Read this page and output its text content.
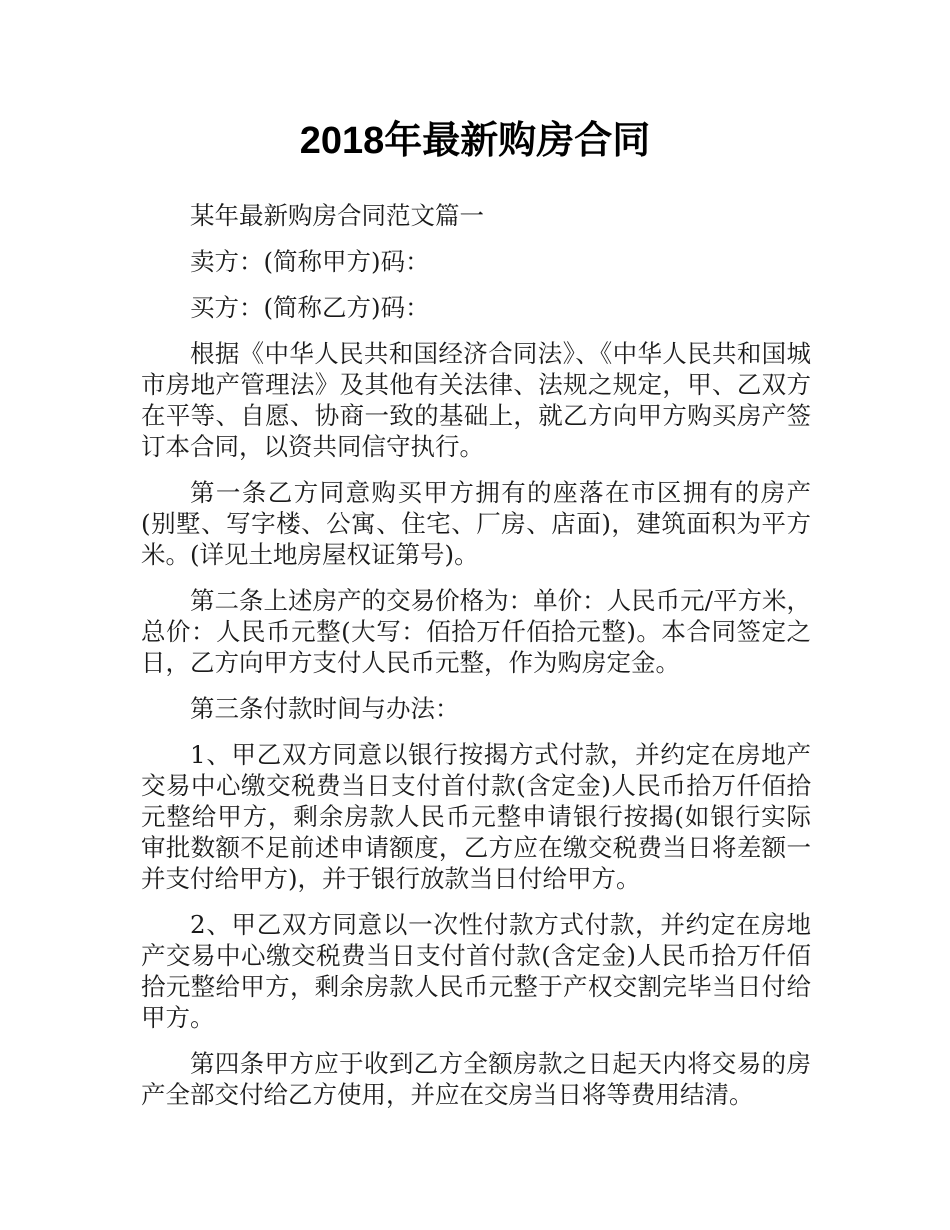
2018年最新购房合同

某年最新购房合同范文篇一

卖方：(简称甲方)码：

买方：(简称乙方)码：

根据《中华人民共和国经济合同法》、《中华人民共和国城市房地产管理法》及其他有关法律、法规之规定，甲、乙双方在平等、自愿、协商一致的基础上，就乙方向甲方购买房产签订本合同，以资共同信守执行。

第一条乙方同意购买甲方拥有的座落在市区拥有的房产(别墅、写字楼、公寓、住宅、厂房、店面)，建筑面积为平方米。(详见土地房屋权证第号)。

第二条上述房产的交易价格为：单价：人民币元/平方米，总价：人民币元整(大写：佰拾万仟佰拾元整)。本合同签定之日，乙方向甲方支付人民币元整，作为购房定金。

第三条付款时间与办法：

1、甲乙双方同意以银行按揭方式付款，并约定在房地产交易中心缴交税费当日支付首付款(含定金)人民币拾万仟佰拾元整给甲方，剩余房款人民币元整申请银行按揭(如银行实际审批数额不足前述申请额度，乙方应在缴交税费当日将差额一并支付给甲方)，并于银行放款当日付给甲方。

2、甲乙双方同意以一次性付款方式付款，并约定在房地产交易中心缴交税费当日支付首付款(含定金)人民币拾万仟佰拾元整给甲方，剩余房款人民币元整于产权交割完毕当日付给甲方。

第四条甲方应于收到乙方全额房款之日起天内将交易的房产全部交付给乙方使用，并应在交房当日将等费用结清。
